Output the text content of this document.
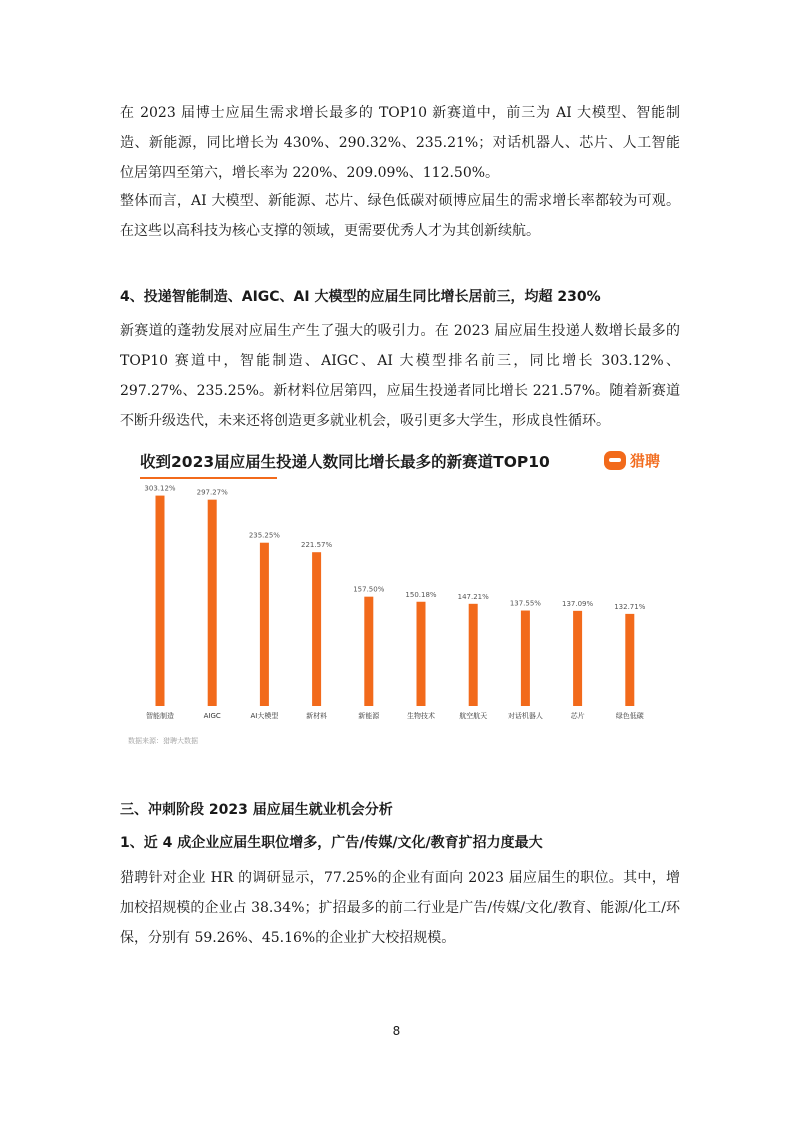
在 2023 届博士应届生需求增长最多的 TOP10 新赛道中，前三为 AI 大模型、智能制造、新能源，同比增长为 430%、290.32%、235.21%；对话机器人、芯片、人工智能位居第四至第六，增长率为 220%、209.09%、112.50%。

整体而言，AI 大模型、新能源、芯片、绿色低碳对硕博应届生的需求增长率都较为可观。在这些以高科技为核心支撑的领域，更需要优秀人才为其创新续航。

4、投递智能制造、AIGC、AI 大模型的应届生同比增长居前三，均超 230%

新赛道的蓬勃发展对应届生产生了强大的吸引力。在 2023 届应届生投递人数增长最多的 TOP10 赛道中，智能制造、AIGC、AI 大模型排名前三，同比增长 303.12%、297.27%、235.25%。新材料位居第四，应届生投递者同比增长 221.57%。随着新赛道不断升级迭代，未来还将创造更多就业机会，吸引更多大学生，形成良性循环。

收到2023届应届生投递人数同比增长最多的新赛道TOP10	猎聘
303.12%
智能制造
297.27%
AIGC
235.25%
AI大模型
221.57%
新材料
157.50%
新能源
150.18%
生物技术
147.21%
航空航天
137.55%
对话机器人
137.09%
芯片
132.71%
绿色低碳
数据来源：猎聘大数据

三、冲刺阶段 2023 届应届生就业机会分析

1、近 4 成企业应届生职位增多，广告/传媒/文化/教育扩招力度最大

猎聘针对企业 HR 的调研显示，77.25%的企业有面向 2023 届应届生的职位。其中，增加校招规模的企业占 38.34%；扩招最多的前二行业是广告/传媒/文化/教育、能源/化工/环保，分别有 59.26%、45.16%的企业扩大校招规模。

8
